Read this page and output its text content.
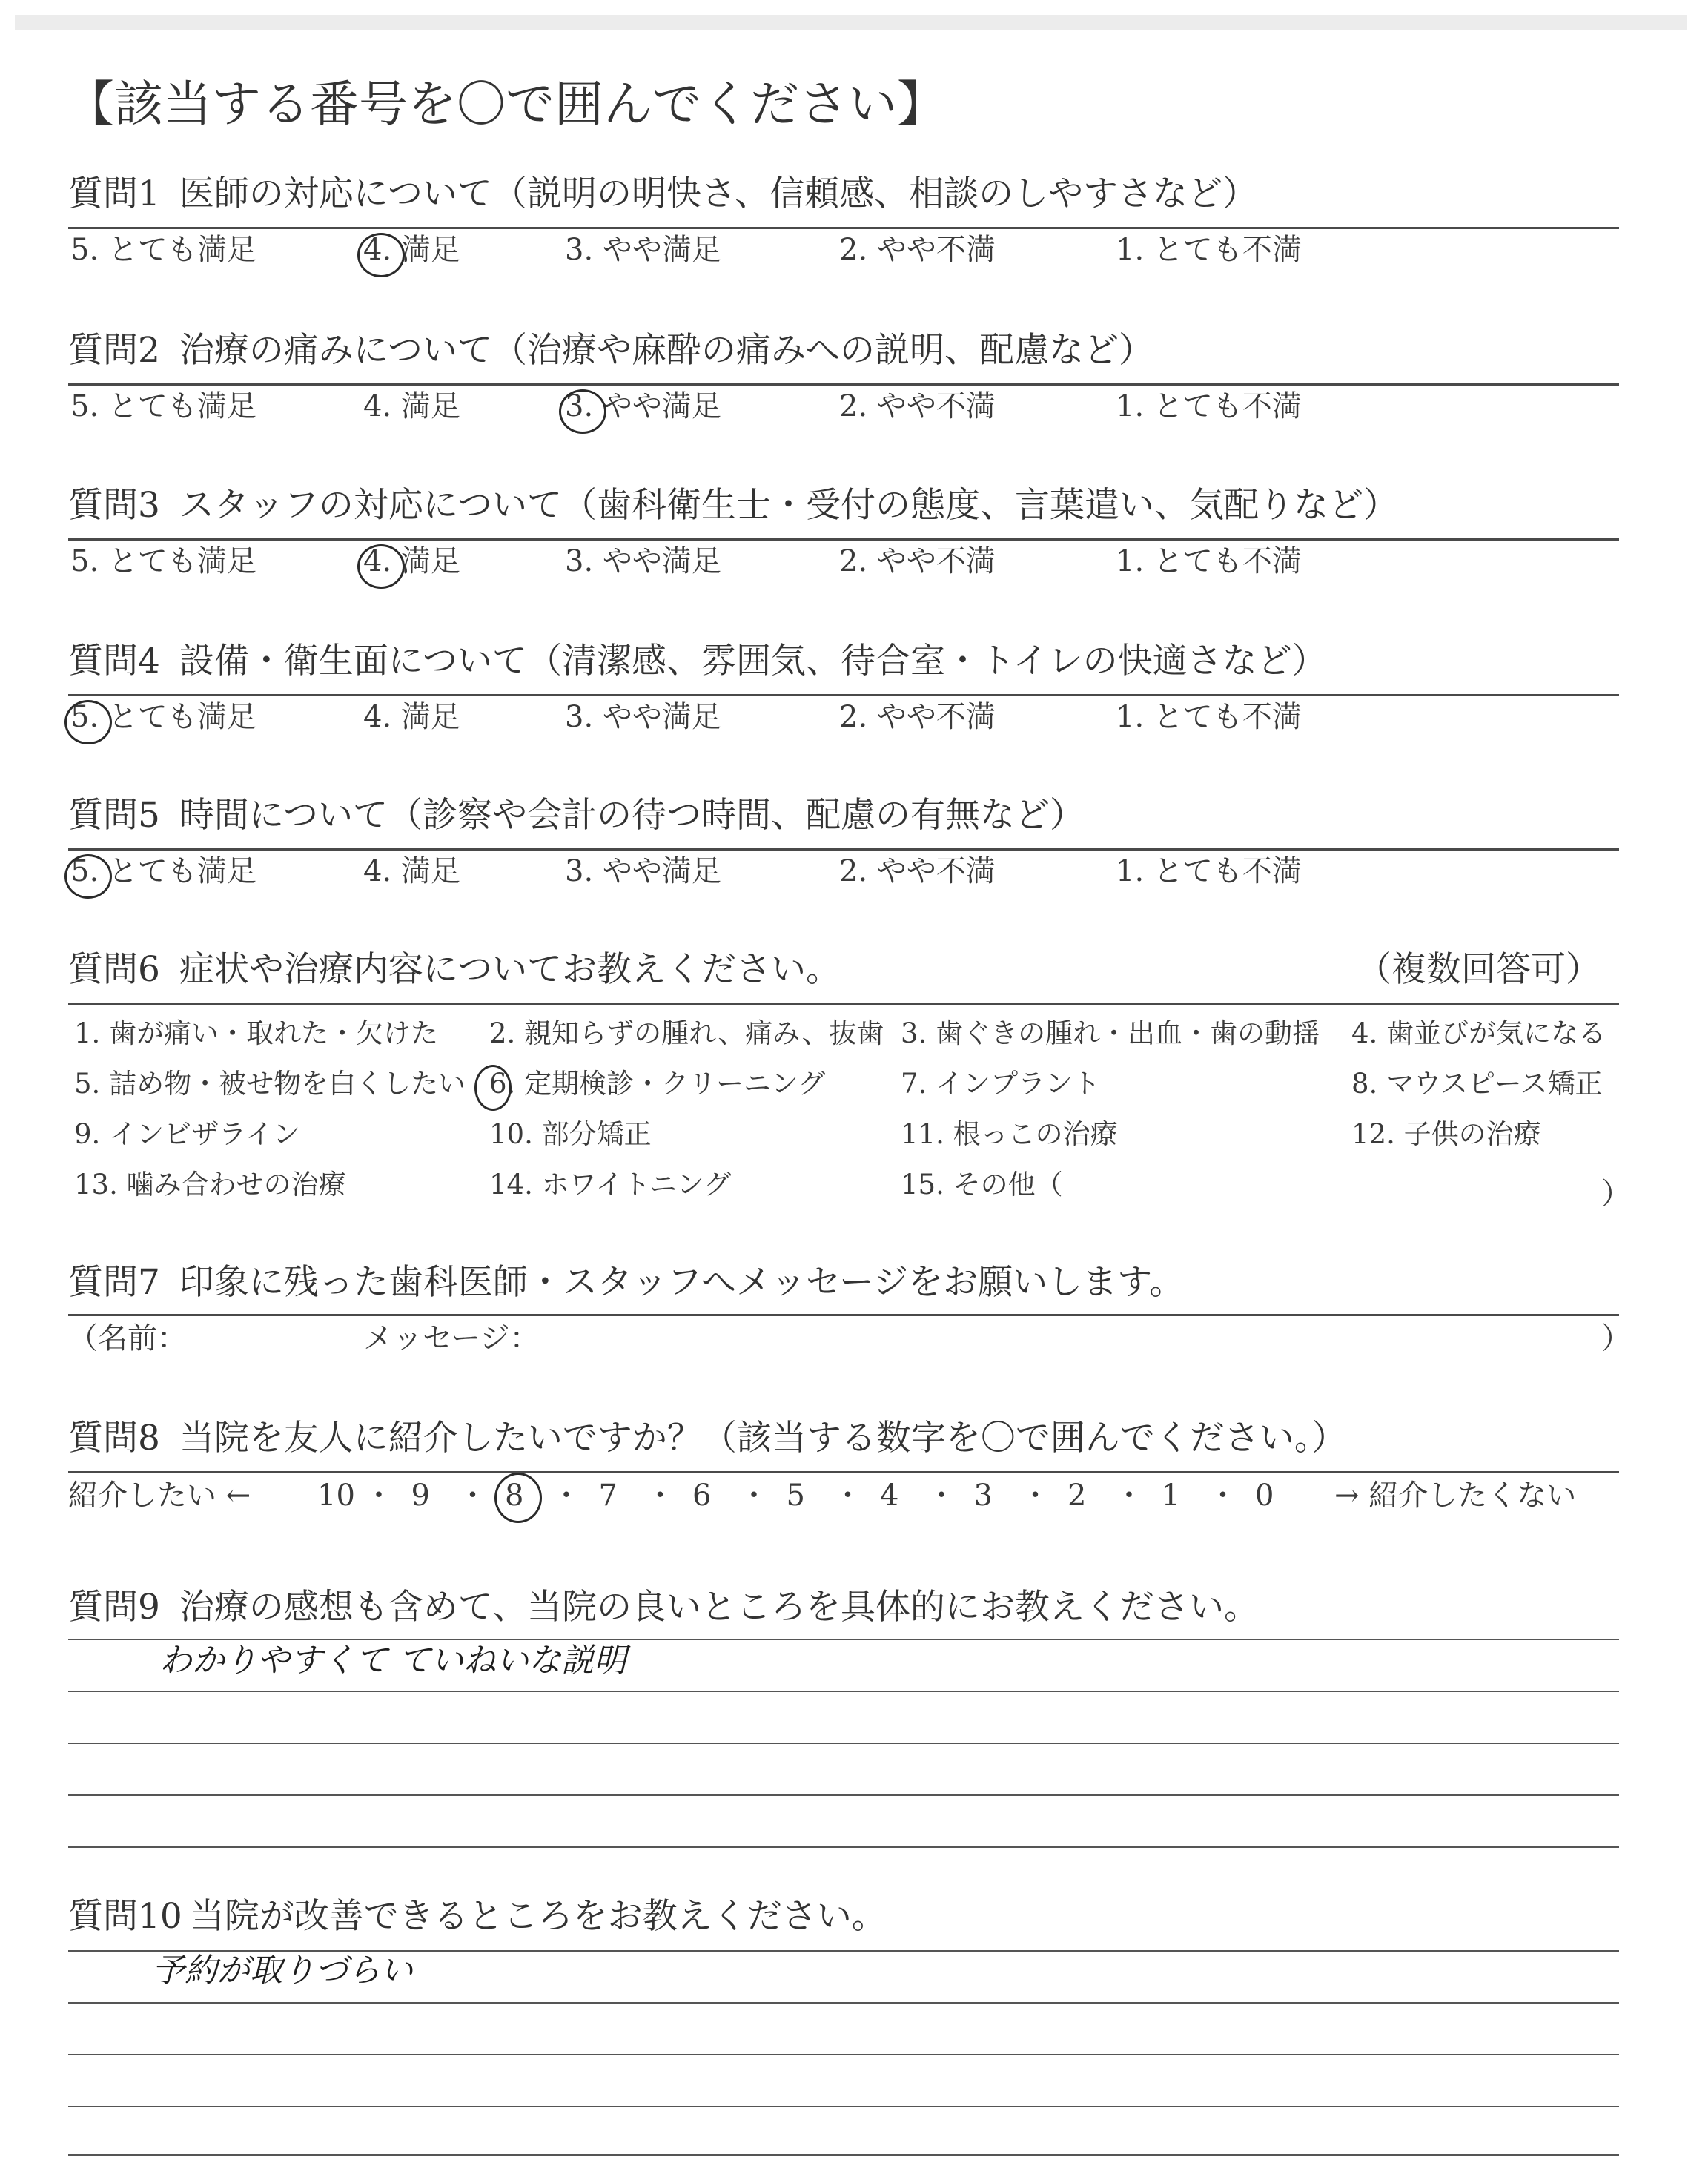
【該当する番号を〇で囲んでください】
質問1 医師の対応について（説明の明快さ、信頼感、相談のしやすさなど）
5. とても満足	4. 満足	3. やや満足	2. やや不満	1. とても不満
質問2 治療の痛みについて（治療や麻酔の痛みへの説明、配慮など）
5. とても満足	4. 満足	3. やや満足	2. やや不満	1. とても不満
質問3 スタッフの対応について（歯科衛生士・受付の態度、言葉遣い、気配りなど）
5. とても満足	4. 満足	3. やや満足	2. やや不満	1. とても不満
質問4 設備・衛生面について（清潔感、雰囲気、待合室・トイレの快適さなど）
5. とても満足	4. 満足	3. やや満足	2. やや不満	1. とても不満
質問5 時間について（診察や会計の待つ時間、配慮の有無など）
5. とても満足	4. 満足	3. やや満足	2. やや不満	1. とても不満
質問6 症状や治療内容についてお教えください。	（複数回答可）
1. 歯が痛い・取れた・欠けた 2. 親知らずの腫れ、痛み、抜歯 3. 歯ぐきの腫れ・出血・歯の動揺 4. 歯並びが気になる
5. 詰め物・被せ物を白くしたい 6. 定期検診・クリーニング	7. インプラント	8. マウスピース矯正
9. インビザライン	10. 部分矯正	11. 根っこの治療	12. 子供の治療
13. 噛み合わせの治療	14. ホワイトニング	15. その他（	）
質問7 印象に残った歯科医師・スタッフへメッセージをお願いします。
（名前：	メッセージ：	）
質問8 当院を友人に紹介したいですか？（該当する数字を〇で囲んでください。）
紹介したい ←	→ 紹介したくない
10 ・ 9 ・ 8 ・ 7 ・ 6 ・ 5 ・ 4 ・ 3 ・ 2 ・ 1 ・ 0
質問9 治療の感想も含めて、当院の良いところを具体的にお教えください。
わかりやすくて ていねいな説明
質問10 当院が改善できるところをお教えください。
予約が取りづらい
